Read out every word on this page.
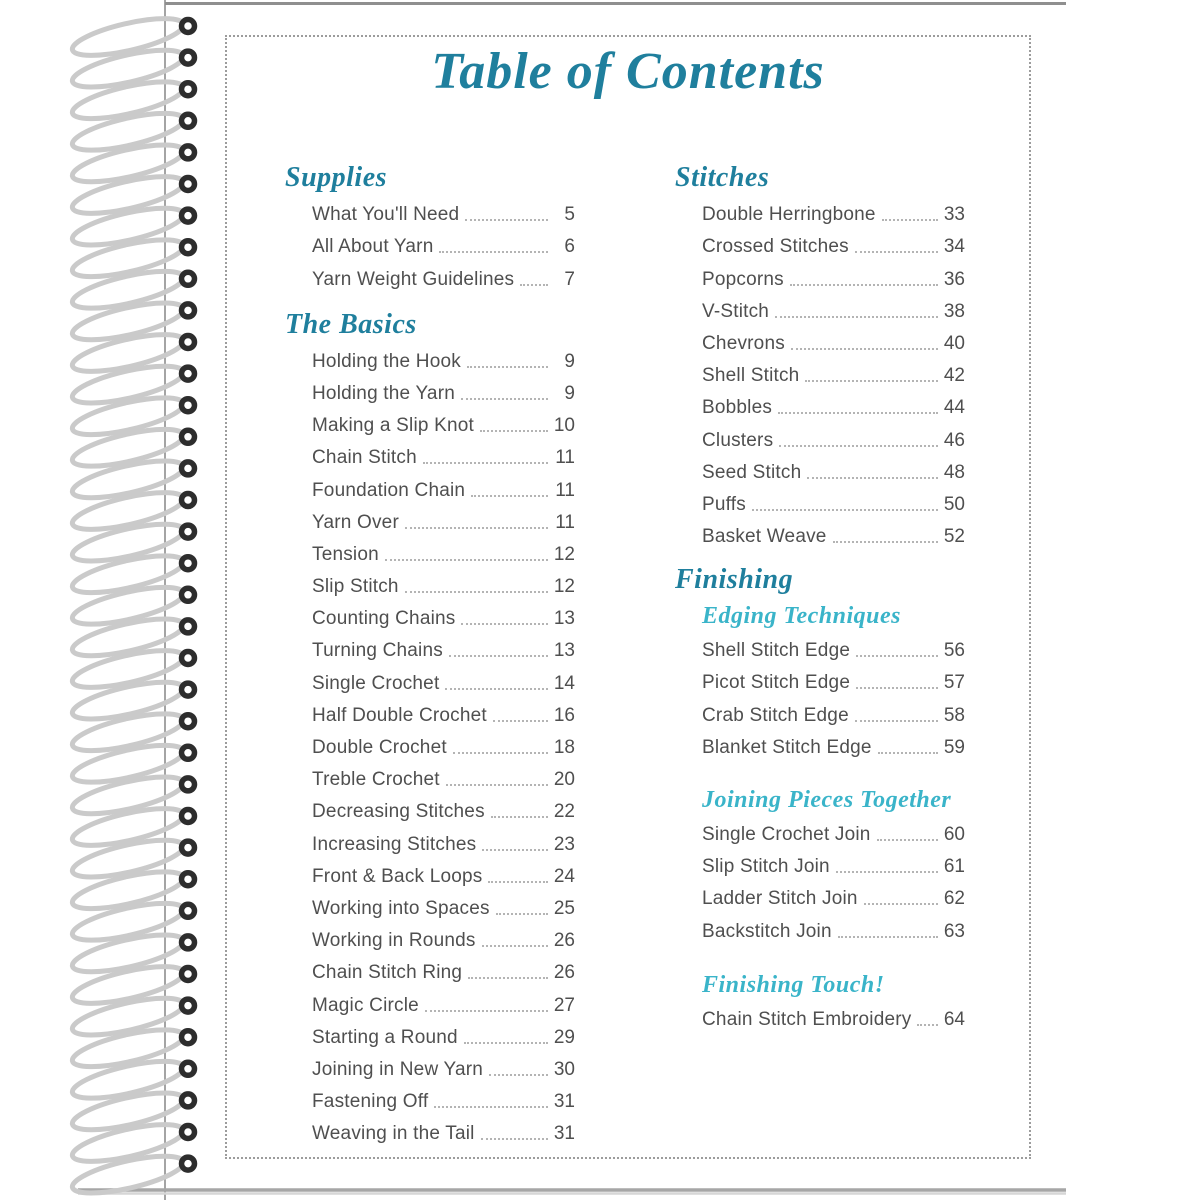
Table of Contents
Supplies
What You'll Need	5
All About Yarn	6
Yarn Weight Guidelines	7
The Basics
Holding the Hook	9
Holding the Yarn	9
Making a Slip Knot	10
Chain Stitch	11
Foundation Chain	11
Yarn Over	11
Tension	12
Slip Stitch	12
Counting Chains	13
Turning Chains	13
Single Crochet	14
Half Double Crochet	16
Double Crochet	18
Treble Crochet	20
Decreasing Stitches	22
Increasing Stitches	23
Front & Back Loops	24
Working into Spaces	25
Working in Rounds	26
Chain Stitch Ring	26
Magic Circle	27
Starting a Round	29
Joining in New Yarn	30
Fastening Off	31
Weaving in the Tail	31
Stitches
Double Herringbone	33
Crossed Stitches	34
Popcorns	36
V-Stitch	38
Chevrons	40
Shell Stitch	42
Bobbles	44
Clusters	46
Seed Stitch	48
Puffs	50
Basket Weave	52
Finishing
Edging Techniques
Shell Stitch Edge	56
Picot Stitch Edge	57
Crab Stitch Edge	58
Blanket Stitch Edge	59
Joining Pieces Together
Single Crochet Join	60
Slip Stitch Join	61
Ladder Stitch Join	62
Backstitch Join	63
Finishing Touch!
Chain Stitch Embroidery 64
